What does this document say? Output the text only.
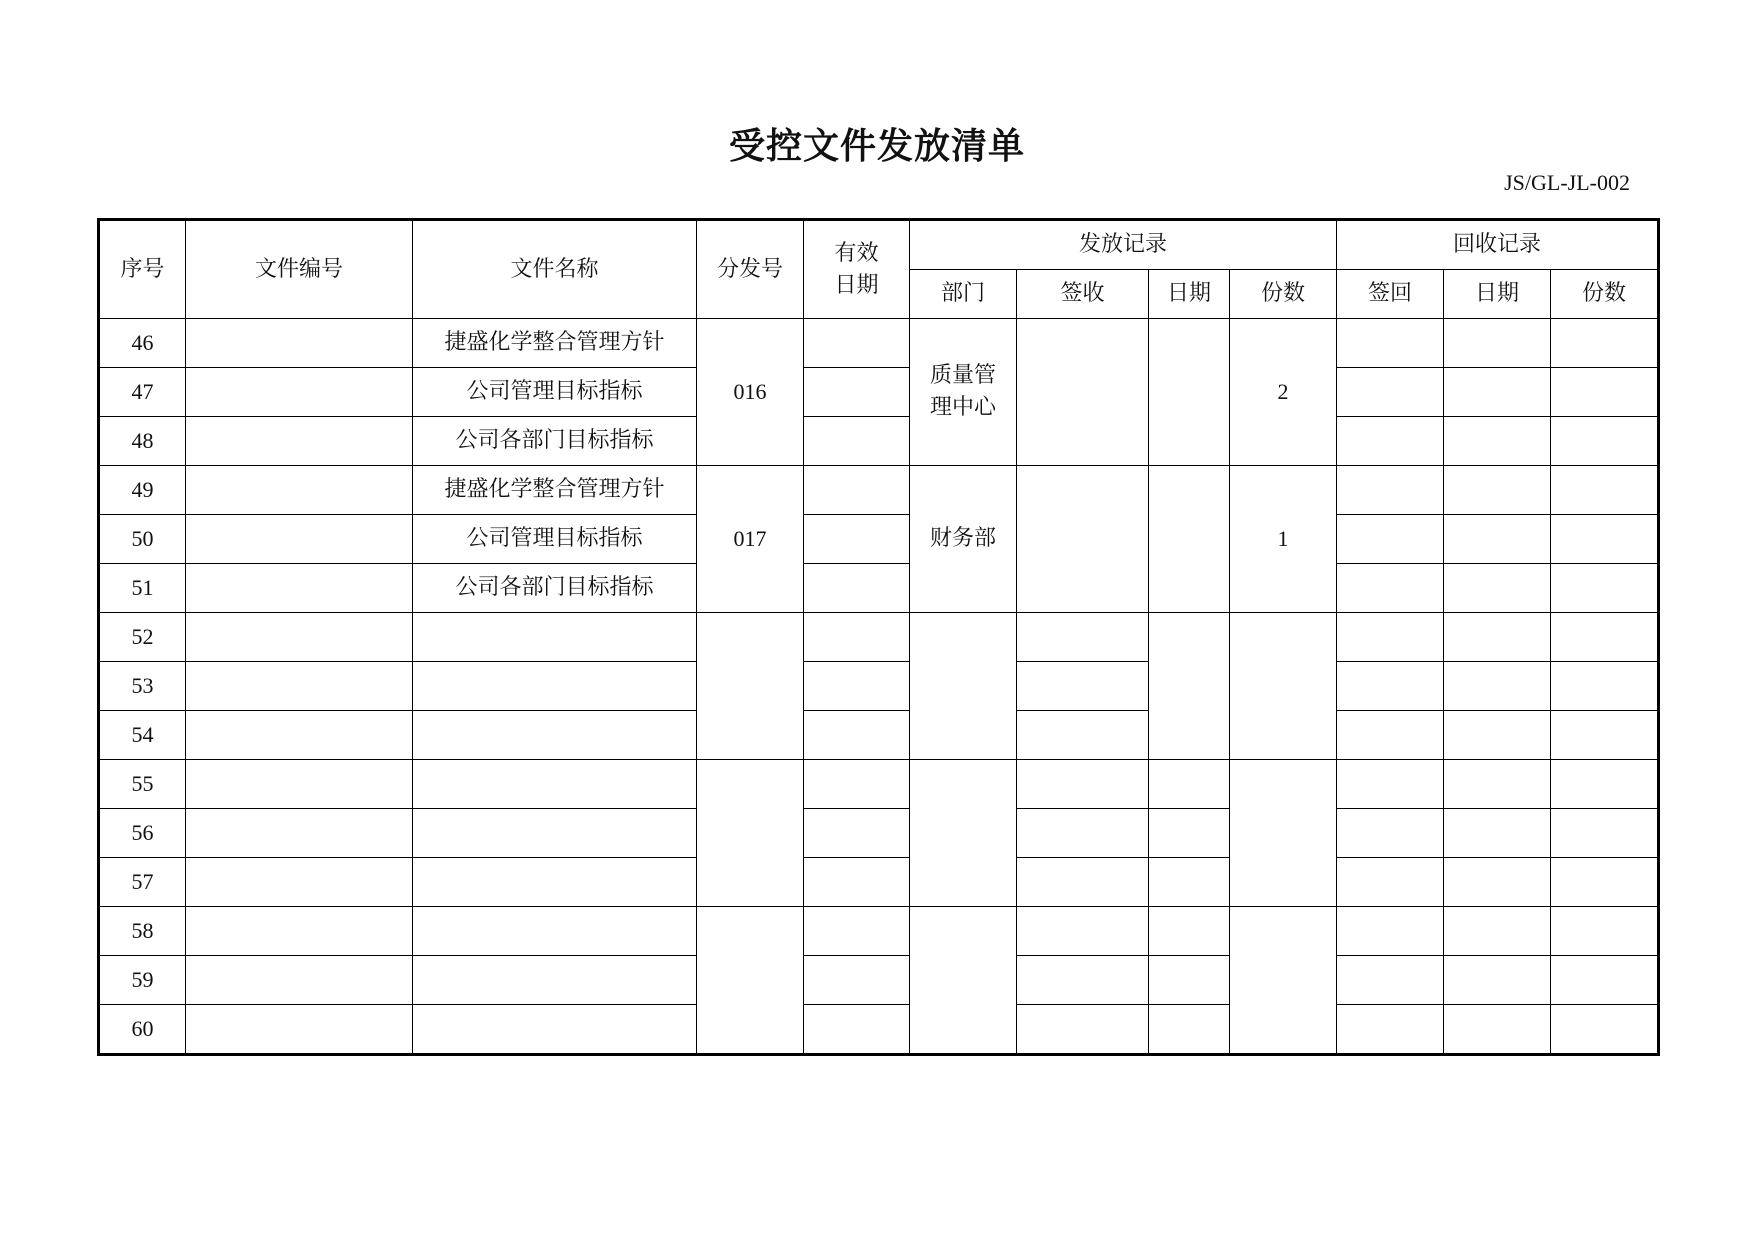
受控文件发放清单
JS/GL-JL-002
序号	文件编号	文件名称	分发号	有效日期	发放记录				回收记录		
					部门	签收	日期	份数	签回	日期	份数
46		捷盛化学整合管理方针	016		质量管理中心			2			
47		公司管理目标指标									
48		公司各部门目标指标									
49		捷盛化学整合管理方针	017		财务部			1			
50		公司管理目标指标									
51		公司各部门目标指标									
52											
53											
54											
55											
56											
57											
58											
59											
60											
